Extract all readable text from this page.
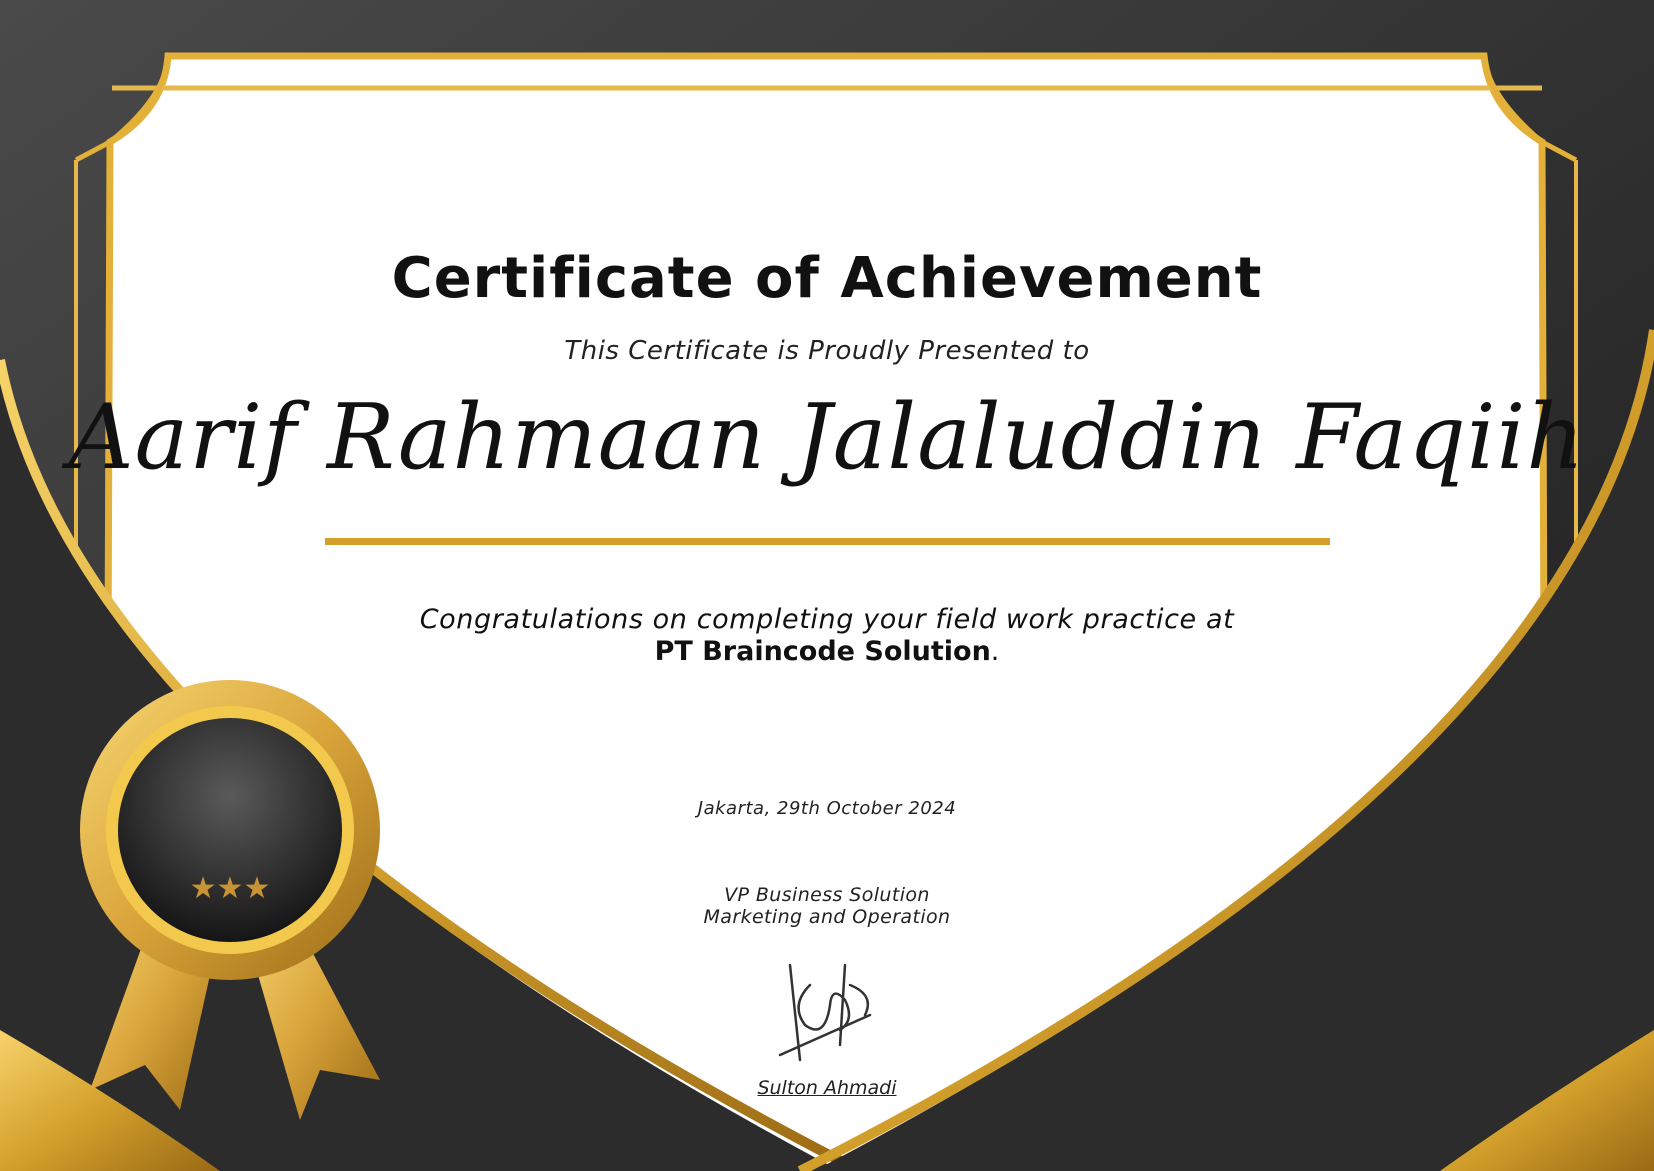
★★★
Certificate of Achievement

This Certificate is Proudly Presented to

Aarif Rahmaan Jalaluddin Faqiih

Congratulations on completing your field work practice at

PT Braincode Solution.

Jakarta, 29th October 2024

VP Business Solution

Marketing and Operation

Sulton Ahmadi
